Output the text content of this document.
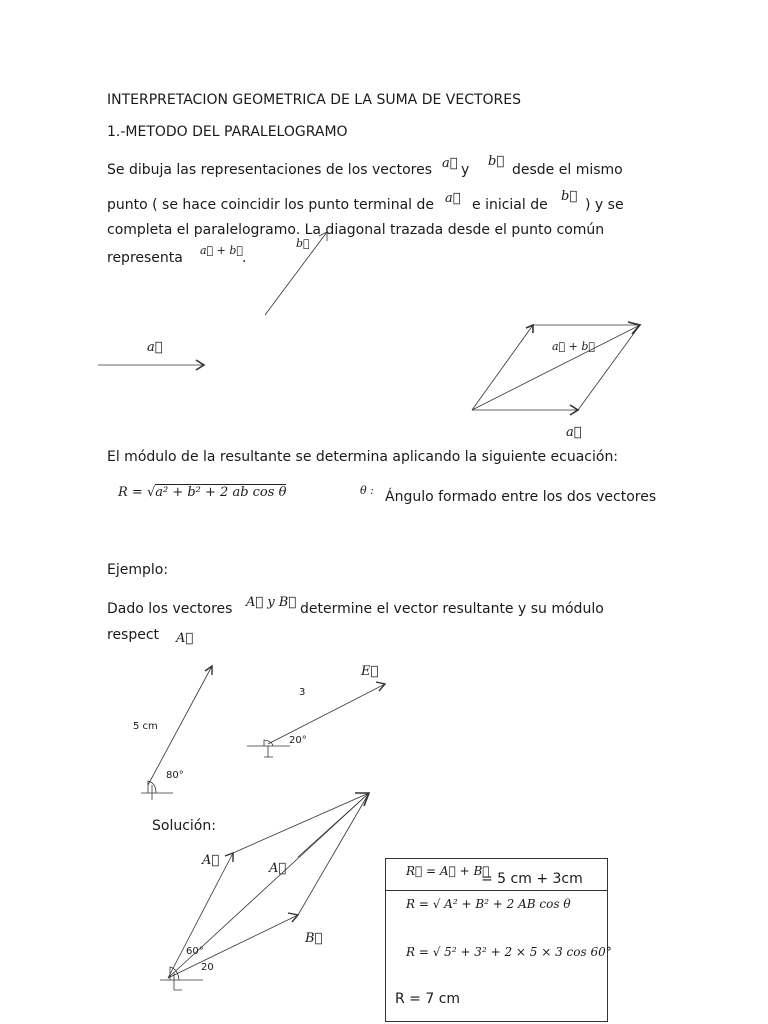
INTERPRETACION GEOMETRICA DE LA SUMA DE VECTORES
1.-METODO DEL PARALELOGRAMO
Se dibuja las representaciones de los vectores a⃗ y
b⃗
desde el mismo
punto ( se hace coincidir los punto terminal de a⃗ e inicial de
b⃗
) y se
completa el paralelogramo. La diagonal trazada desde el punto común
representa a⃗ + b⃗
.
b⃗
a⃗	a⃗ + b⃗
a⃗
El módulo de la resultante se determina aplicando la siguiente ecuación:
R = √a² + b² + 2 ab cos θ	θ : Ángulo formado entre los dos vectores
Ejemplo:
Dado los vectores A⃗ y B⃗ determine el vector resultante y su módulo
respect A⃗
5 cm
80°
E⃗
3
20°
Solución:
A⃗
A⃗
B⃗
60°
20
R⃗ = A⃗ + B⃗
= 5 cm + 3cm
R = √ A² + B² + 2 AB cos θ
R = √ 5² + 3² + 2 × 5 × 3 cos 60°
R = 7 cm
